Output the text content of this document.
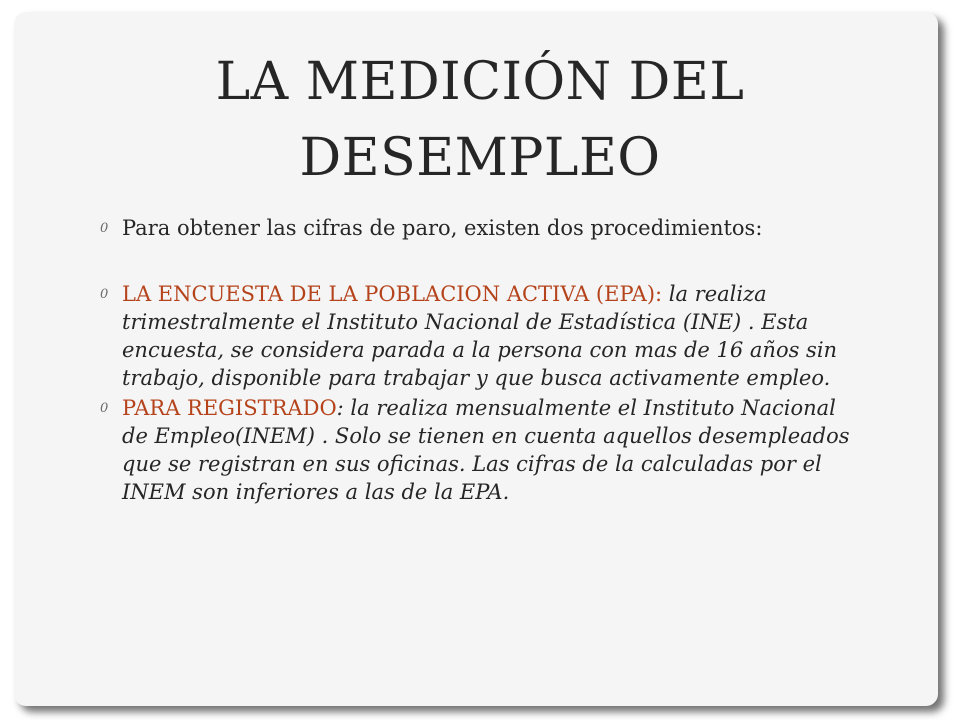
LA MEDICIÓN DEL
DESEMPLEO
0 Para obtener las cifras de paro, existen dos procedimientos:
0 LA ENCUESTA DE LA POBLACION ACTIVA (EPA): la realiza trimestralmente el Instituto Nacional de Estadística (INE) . Esta encuesta, se considera parada a la persona con mas de 16 años sin trabajo, disponible para trabajar y que busca activamente empleo.
0 PARA REGISTRADO: la realiza mensualmente el Instituto Nacional de Empleo(INEM) . Solo se tienen en cuenta aquellos desempleados que se registran en sus oficinas. Las cifras de la calculadas por el INEM son inferiores a las de la EPA.
